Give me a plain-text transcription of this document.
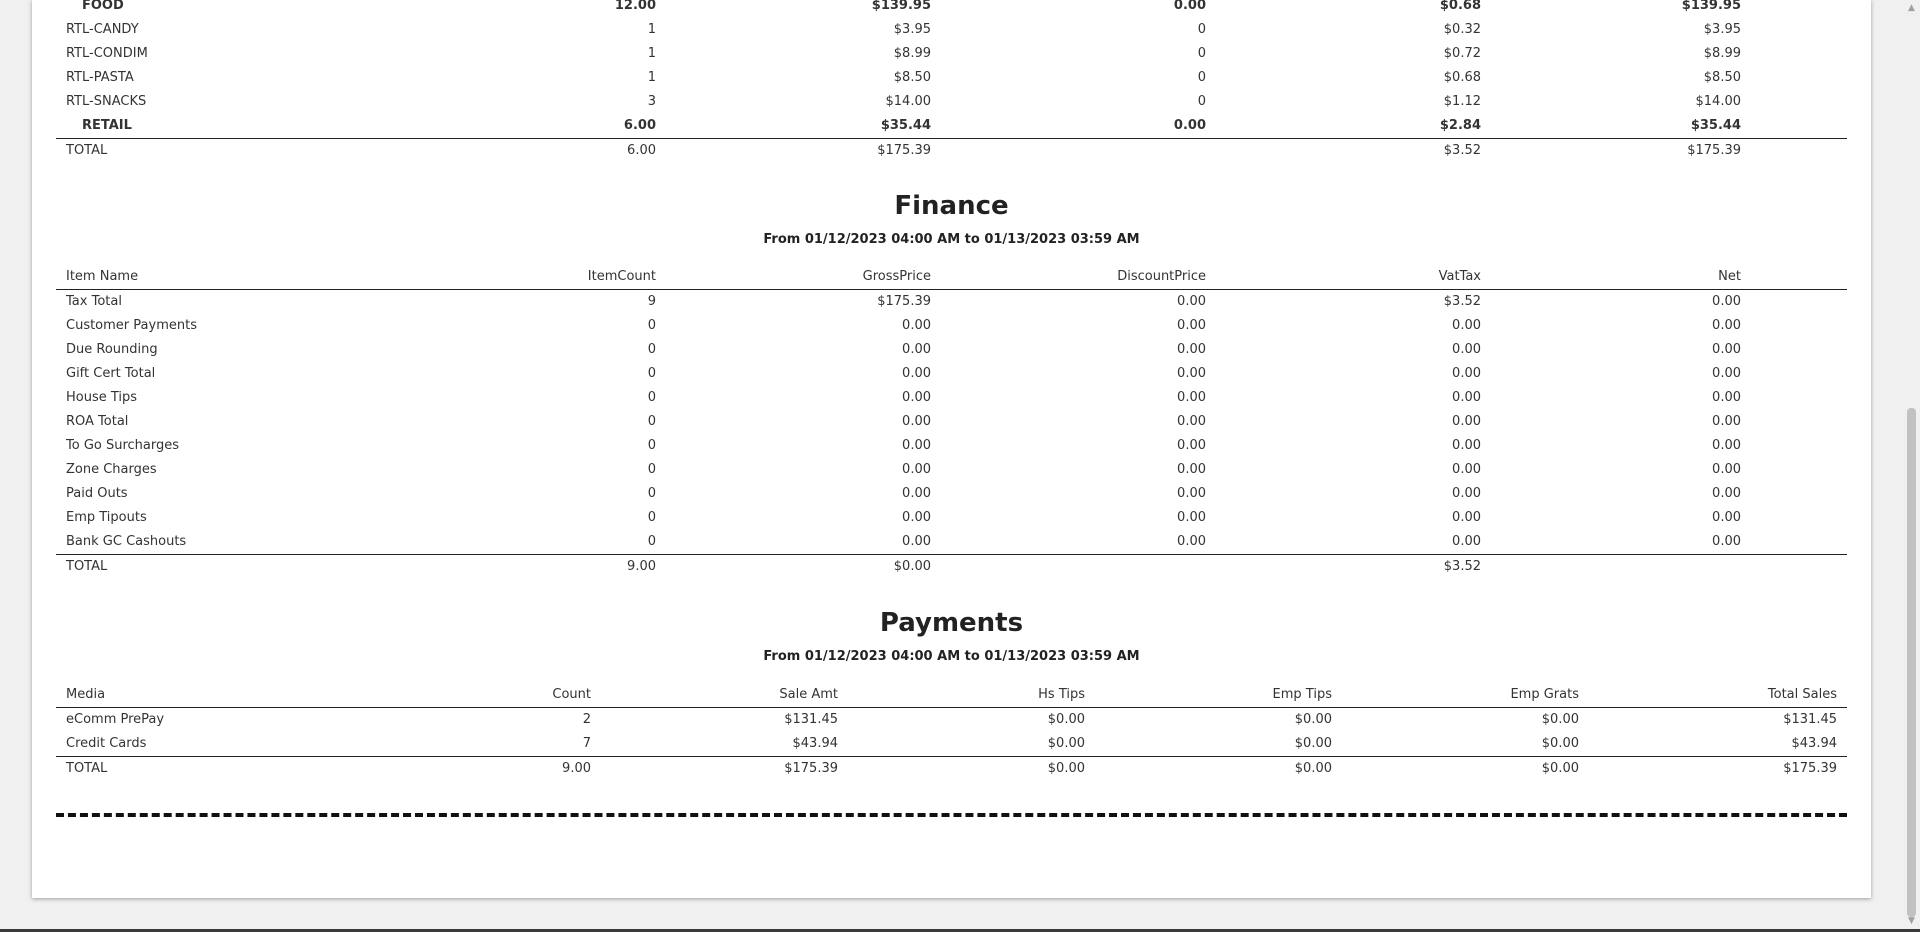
FOOD	12.00	$139.95	0.00	$0.68	$139.95	
RTL-CANDY	1	$3.95	0	$0.32	$3.95	
RTL-CONDIM	1	$8.99	0	$0.72	$8.99	
RTL-PASTA	1	$8.50	0	$0.68	$8.50	
RTL-SNACKS	3	$14.00	0	$1.12	$14.00	
RETAIL	6.00	$35.44	0.00	$2.84	$35.44	
TOTAL	6.00	$175.39		$3.52	$175.39	
Finance
From 01/12/2023 04:00 AM to 01/13/2023 03:59 AM
Item Name	ItemCount	GrossPrice	DiscountPrice	VatTax	Net	
Tax Total	9	$175.39	0.00	$3.52	0.00	
Customer Payments	0	0.00	0.00	0.00	0.00	
Due Rounding	0	0.00	0.00	0.00	0.00	
Gift Cert Total	0	0.00	0.00	0.00	0.00	
House Tips	0	0.00	0.00	0.00	0.00	
ROA Total	0	0.00	0.00	0.00	0.00	
To Go Surcharges	0	0.00	0.00	0.00	0.00	
Zone Charges	0	0.00	0.00	0.00	0.00	
Paid Outs	0	0.00	0.00	0.00	0.00	
Emp Tipouts	0	0.00	0.00	0.00	0.00	
Bank GC Cashouts	0	0.00	0.00	0.00	0.00	
TOTAL	9.00	$0.00		$3.52		
Payments
From 01/12/2023 04:00 AM to 01/13/2023 03:59 AM
Media	Count	Sale Amt	Hs Tips	Emp Tips	Emp Grats	Total Sales
eComm PrePay	2	$131.45	$0.00	$0.00	$0.00	$131.45
Credit Cards	7	$43.94	$0.00	$0.00	$0.00	$43.94
TOTAL	9.00	$175.39	$0.00	$0.00	$0.00	$175.39
▲
▼
